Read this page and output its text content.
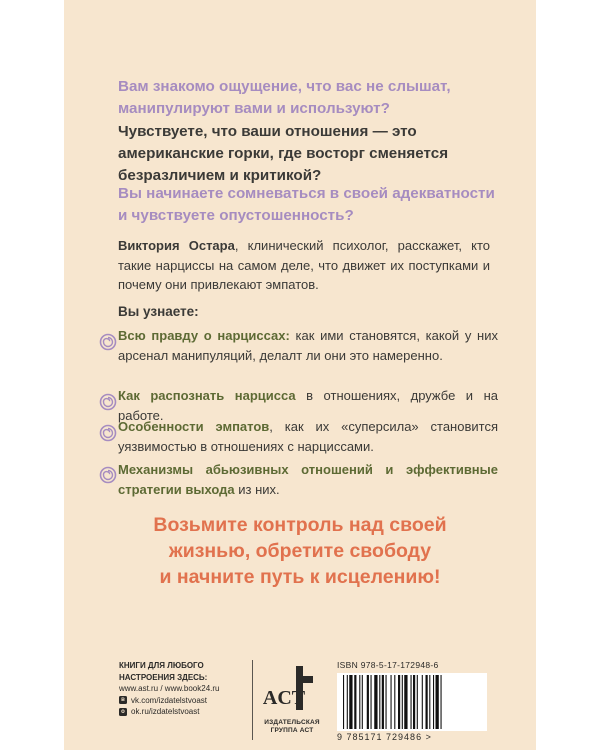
Вам знакомо ощущение, что вас не слышат, манипулируют вами и используют?

Чувствуете, что ваши отношения — это американские горки, где восторг сменяется безразличием и критикой?

Вы начинаете сомневаться в своей адекватности и чувствуете опустошенность?

Виктория Остара, клинический психолог, расскажет, кто такие нарциссы на самом деле, что движет их поступками и почему они привлекают эмпатов.

Вы узнаете:

Всю правду о нарциссах: как ими становятся, какой у них арсенал манипуляций, делалт ли они это намеренно.

Как распознать нарцисса в отношениях, дружбе и на работе.

Особенности эмпатов, как их «суперсила» становится уязвимостью в отношениях с нарциссами.

Механизмы абьюзивных отношений и эффективные стратегии выхода из них.

Возьмите контроль над своей
жизнью, обретите свободу
и начните путь к исцелению!

КНИГИ ДЛЯ ЛЮБОГО
НАСТРОЕНИЯ ЗДЕСЬ:
www.ast.ru / www.book24.ru
в vk.com/izdatelstvoast
о ok.ru/izdatelstvoast
ACT
ИЗДАТЕЛЬСКАЯ
ГРУППА АСТ
ISBN 978-5-17-172948-6
9 785171 729486 >
